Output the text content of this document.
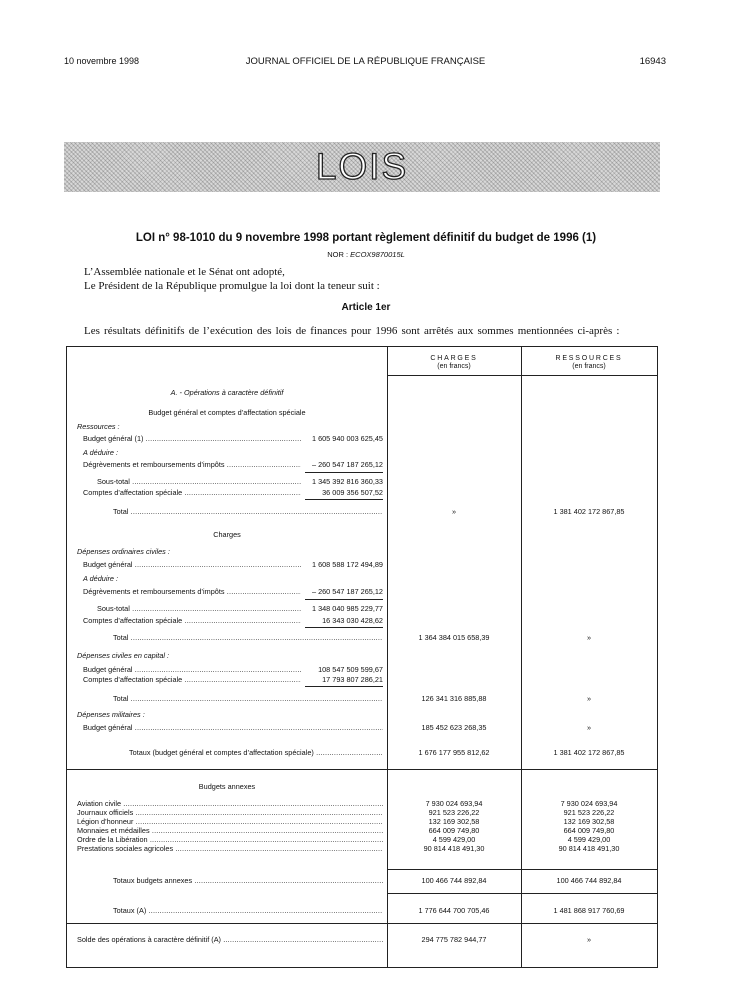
10 novembre 1998	JOURNAL OFFICIEL DE LA RÉPUBLIQUE FRANÇAISE	16943
LOIS
LOI n° 98-1010 du 9 novembre 1998 portant règlement définitif du budget de 1996 (1)
NOR : ECOX9870015L
L’Assemblée nationale et le Sénat ont adopté,
Le Président de la République promulgue la loi dont la teneur suit :
Article 1er
Les résultats définitifs de l’exécution des lois de finances pour 1996 sont arrêtés aux sommes mentionnées ci-après :
CHARGES
(en francs)
RESSOURCES
(en francs)
A. - Opérations à caractère définitif
Budget général et comptes d’affectation spéciale
Ressources :
Budget général (1) .....	1 605 940 003 625,45
A déduire :
Dégrèvements et remboursements d’impôts .....	– 260 547 187 265,12
Sous-total .....	1 345 392 816 360,33
Comptes d’affectation spéciale .....	36 009 356 507,52
Total .....	»	1 381 402 172 867,85
Charges
Dépenses ordinaires civiles :
Budget général .....	1 608 588 172 494,89
A déduire :
Dégrèvements et remboursements d’impôts .....	– 260 547 187 265,12
Sous-total .....	1 348 040 985 229,77
Comptes d’affectation spéciale .....	16 343 030 428,62
Total .....	1 364 384 015 658,39	»
Dépenses civiles en capital :
Budget général .....	108 547 509 599,67
Comptes d’affectation spéciale .....	17 793 807 286,21
Total .....	126 341 316 885,88	»
Dépenses militaires :
Budget général .....	185 452 623 268,35	»
Totaux (budget général et comptes d’affectation spéciale) .....	1 676 177 955 812,62	1 381 402 172 867,85
Budgets annexes
Aviation civile .....	7 930 024 693,94	7 930 024 693,94
Journaux officiels .....	921 523 226,22	921 523 226,22
Légion d’honneur .....	132 169 302,58	132 169 302,58
Monnaies et médailles .....	664 009 749,80	664 009 749,80
Ordre de la Libération .....	4 599 429,00	4 599 429,00
Prestations sociales agricoles .....	90 814 418 491,30	90 814 418 491,30
Totaux budgets annexes .....	100 466 744 892,84	100 466 744 892,84
Totaux (A) .....	1 776 644 700 705,46	1 481 868 917 760,69
Solde des opérations à caractère définitif (A) .....	294 775 782 944,77	»
